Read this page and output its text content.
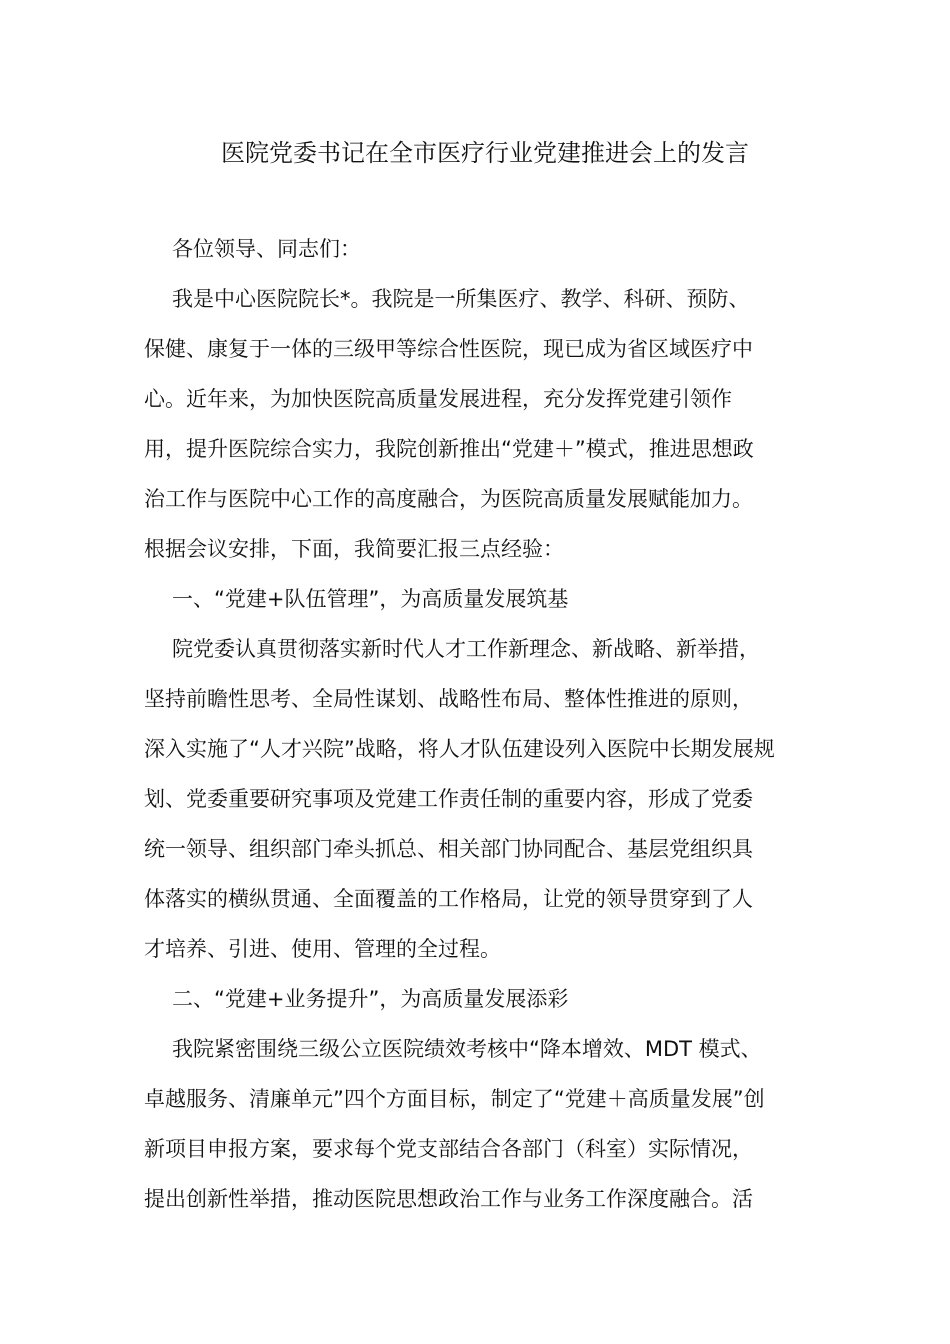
医院党委书记在全市医疗行业党建推进会上的发言
各位领导、同志们：
我是中心医院院长*。我院是一所集医疗、教学、科研、预防、
保健、康复于一体的三级甲等综合性医院，现已成为省区域医疗中
心。近年来，为加快医院高质量发展进程，充分发挥党建引领作
用，提升医院综合实力，我院创新推出“党建＋”模式，推进思想政
治工作与医院中心工作的高度融合，为医院高质量发展赋能加力。
根据会议安排，下面，我简要汇报三点经验：
一、“党建+队伍管理”，为高质量发展筑基
院党委认真贯彻落实新时代人才工作新理念、新战略、新举措，
坚持前瞻性思考、全局性谋划、战略性布局、整体性推进的原则，
深入实施了“人才兴院”战略，将人才队伍建设列入医院中长期发展规
划、党委重要研究事项及党建工作责任制的重要内容，形成了党委
统一领导、组织部门牵头抓总、相关部门协同配合、基层党组织具
体落实的横纵贯通、全面覆盖的工作格局，让党的领导贯穿到了人
才培养、引进、使用、管理的全过程。
二、“党建+业务提升”，为高质量发展添彩
我院紧密围绕三级公立医院绩效考核中“降本增效、MDT 模式、
卓越服务、清廉单元”四个方面目标，制定了“党建＋高质量发展”创
新项目申报方案，要求每个党支部结合各部门（科室）实际情况，
提出创新性举措，推动医院思想政治工作与业务工作深度融合。活
